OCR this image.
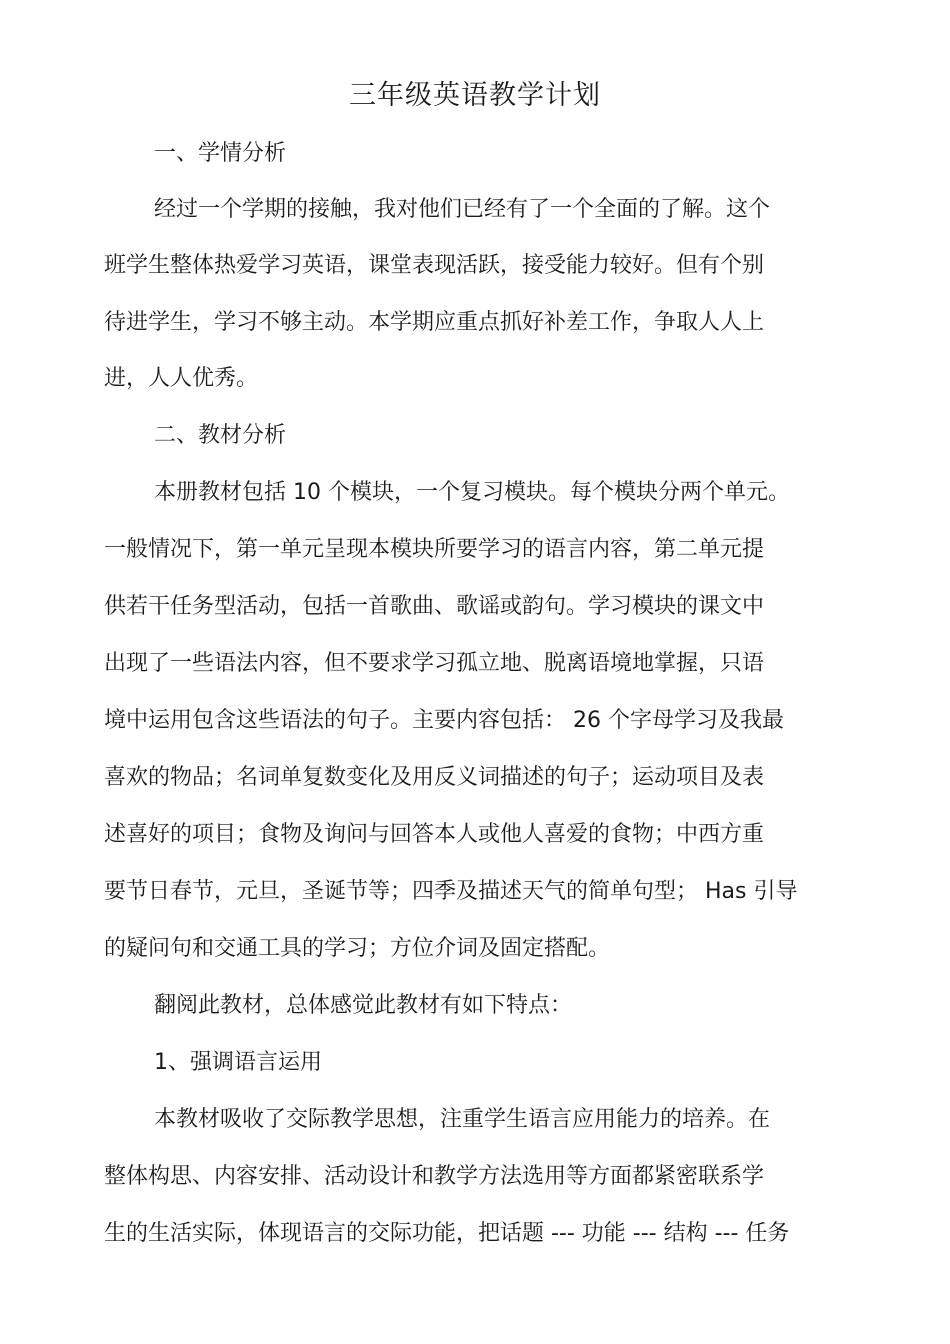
三年级英语教学计划
一、学情分析
经过一个学期的接触，我对他们已经有了一个全面的了解。这个
班学生整体热爱学习英语，课堂表现活跃，接受能力较好。但有个别
待进学生，学习不够主动。本学期应重点抓好补差工作，争取人人上
进，人人优秀。
二、教材分析
本册教材包括 10 个模块，一个复习模块。每个模块分两个单元。
一般情况下，第一单元呈现本模块所要学习的语言内容，第二单元提
供若干任务型活动，包括一首歌曲、歌谣或韵句。学习模块的课文中
出现了一些语法内容，但不要求学习孤立地、脱离语境地掌握，只语
境中运用包含这些语法的句子。主要内容包括： 26 个字母学习及我最
喜欢的物品；名词单复数变化及用反义词描述的句子；运动项目及表
述喜好的项目；食物及询问与回答本人或他人喜爱的食物；中西方重
要节日春节，元旦，圣诞节等；四季及描述天气的简单句型； Has 引导
的疑问句和交通工具的学习；方位介词及固定搭配。
翻阅此教材，总体感觉此教材有如下特点：
1、强调语言运用
本教材吸收了交际教学思想，注重学生语言应用能力的培养。在
整体构思、内容安排、活动设计和教学方法选用等方面都紧密联系学
生的生活实际，体现语言的交际功能，把话题 --- 功能 --- 结构 --- 任务
